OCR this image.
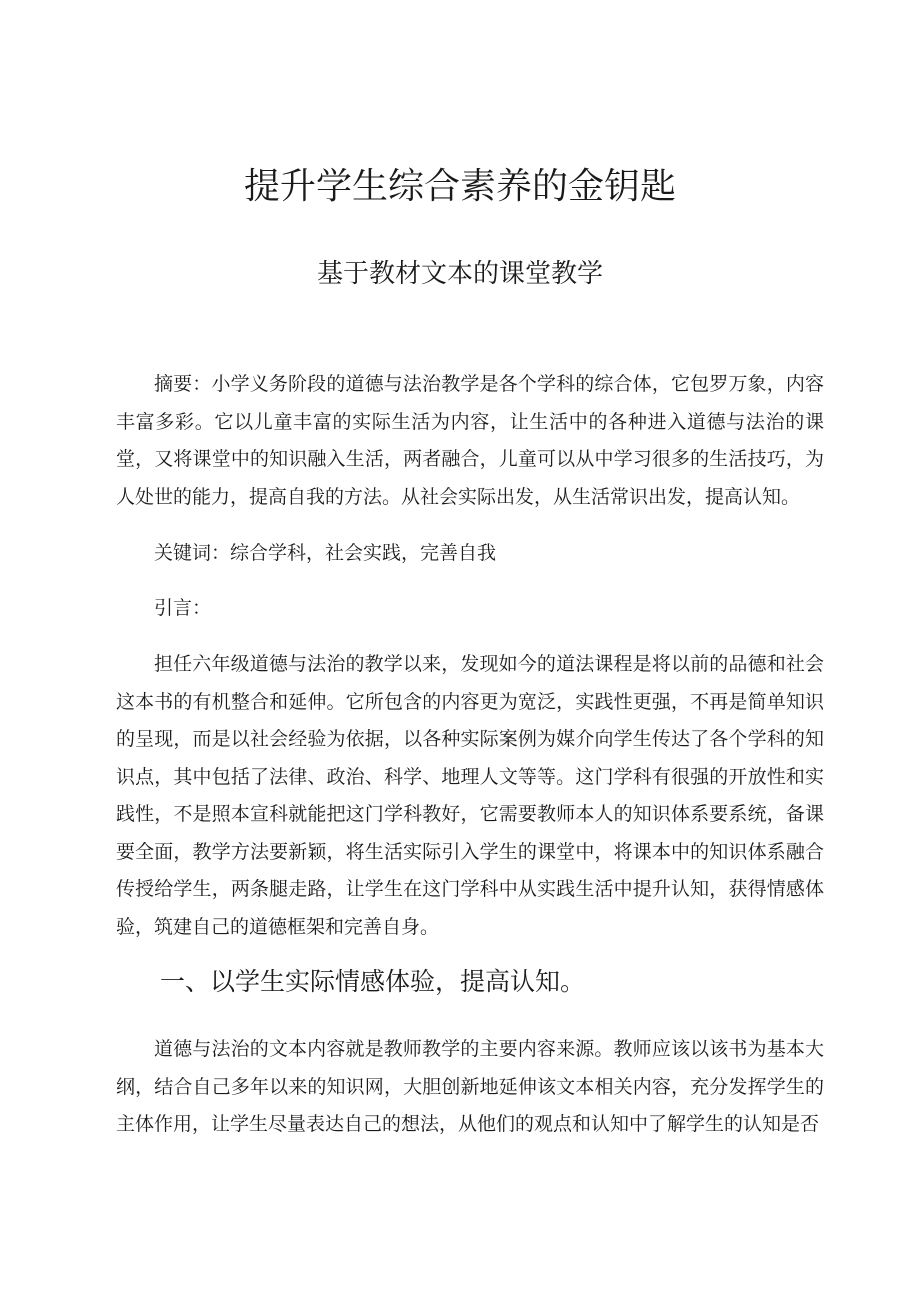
提升学生综合素养的金钥匙
基于教材文本的课堂教学

摘要：小学义务阶段的道德与法治教学是各个学科的综合体，它包罗万象，内容丰富多彩。它以儿童丰富的实际生活为内容，让生活中的各种进入道德与法治的课堂，又将课堂中的知识融入生活，两者融合，儿童可以从中学习很多的生活技巧，为人处世的能力，提高自我的方法。从社会实际出发，从生活常识出发，提高认知。

关键词：综合学科，社会实践，完善自我

引言：

担任六年级道德与法治的教学以来，发现如今的道法课程是将以前的品德和社会这本书的有机整合和延伸。它所包含的内容更为宽泛，实践性更强，不再是简单知识的呈现，而是以社会经验为依据，以各种实际案例为媒介向学生传达了各个学科的知识点，其中包括了法律、政治、科学、地理人文等等。这门学科有很强的开放性和实践性，不是照本宣科就能把这门学科教好，它需要教师本人的知识体系要系统，备课要全面，教学方法要新颖，将生活实际引入学生的课堂中，将课本中的知识体系融合传授给学生，两条腿走路，让学生在这门学科中从实践生活中提升认知，获得情感体验，筑建自己的道德框架和完善自身。

一、以学生实际情感体验，提高认知。

道德与法治的文本内容就是教师教学的主要内容来源。教师应该以该书为基本大纲，结合自己多年以来的知识网，大胆创新地延伸该文本相关内容，充分发挥学生的主体作用，让学生尽量表达自己的想法，从他们的观点和认知中了解学生的认知是否
